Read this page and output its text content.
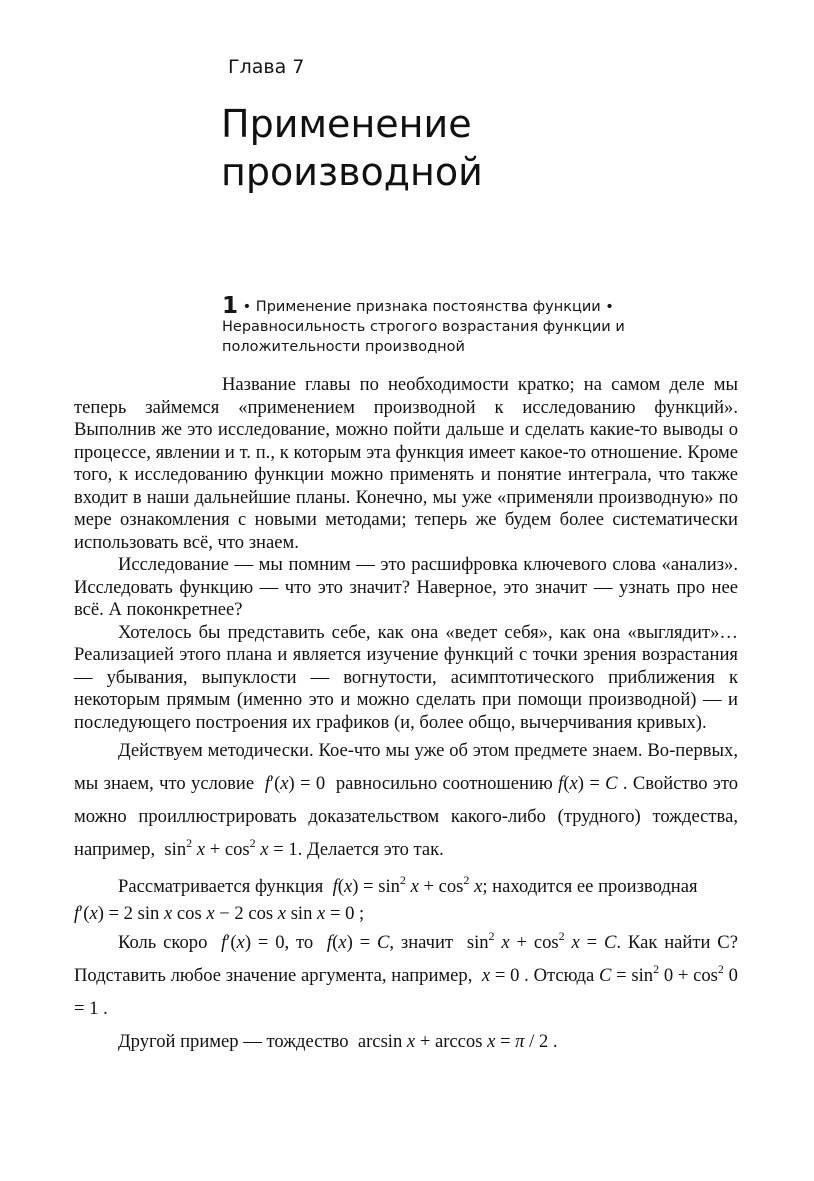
Глава 7
Применение производной
1 • Применение признака постоянства функции • Неравносильность строгого возрастания функции и положительности производной

Название главы по необходимости кратко; на самом деле мы теперь займемся «применением производной к исследованию функций». Выполнив же это исследование, можно пойти дальше и сделать какие-то выводы о процессе, явлении и т. п., к которым эта функция имеет какое-то отношение. Кроме того, к исследованию функции можно применять и понятие интеграла, что также входит в наши дальнейшие планы. Конечно, мы уже «применяли производную» по мере ознакомления с новыми методами; теперь же будем более систематически использовать всё, что знаем.

Исследование — мы помним — это расшифровка ключевого слова «анализ». Исследовать функцию — что это значит? Наверное, это значит — узнать про нее всё. А поконкретнее?

Хотелось бы представить себе, как она «ведет себя», как она «выглядит»… Реализацией этого плана и является изучение функций с точки зрения возрастания — убывания, выпуклости — вогнутости, асимптотического приближения к некоторым прямым (именно это и можно сделать при помощи производной) — и последующего построения их графиков (и, более общо, вычерчивания кривых).

Действуем методически. Кое-что мы уже об этом предмете знаем. Во-первых, мы знаем, что условие f′(x) = 0  равносильно соотношению f(x) = C . Свойство это можно проиллюстрировать доказательством какого-либо (трудного) тождества, например,  $\sin^2 x + \cos^2 x = 1$. Делается это так.

Рассматривается функция $f(x) = \sin^2 x + \cos^2 x$; находится ее производная

f′(x) = 2 sin x cos x − 2 cos x sin x = 0 ;

Коль скоро f′(x) = 0, то f(x) = C, значит  $\sin^2 x + \cos^2 x = C$. Как найти C? Подставить любое значение аргумента, например, x = 0 . Отсюда $C = \sin^2 0 + \cos^2 0 = 1$ .

Другой пример — тождество  arcsin x + arccos x = π / 2 .
